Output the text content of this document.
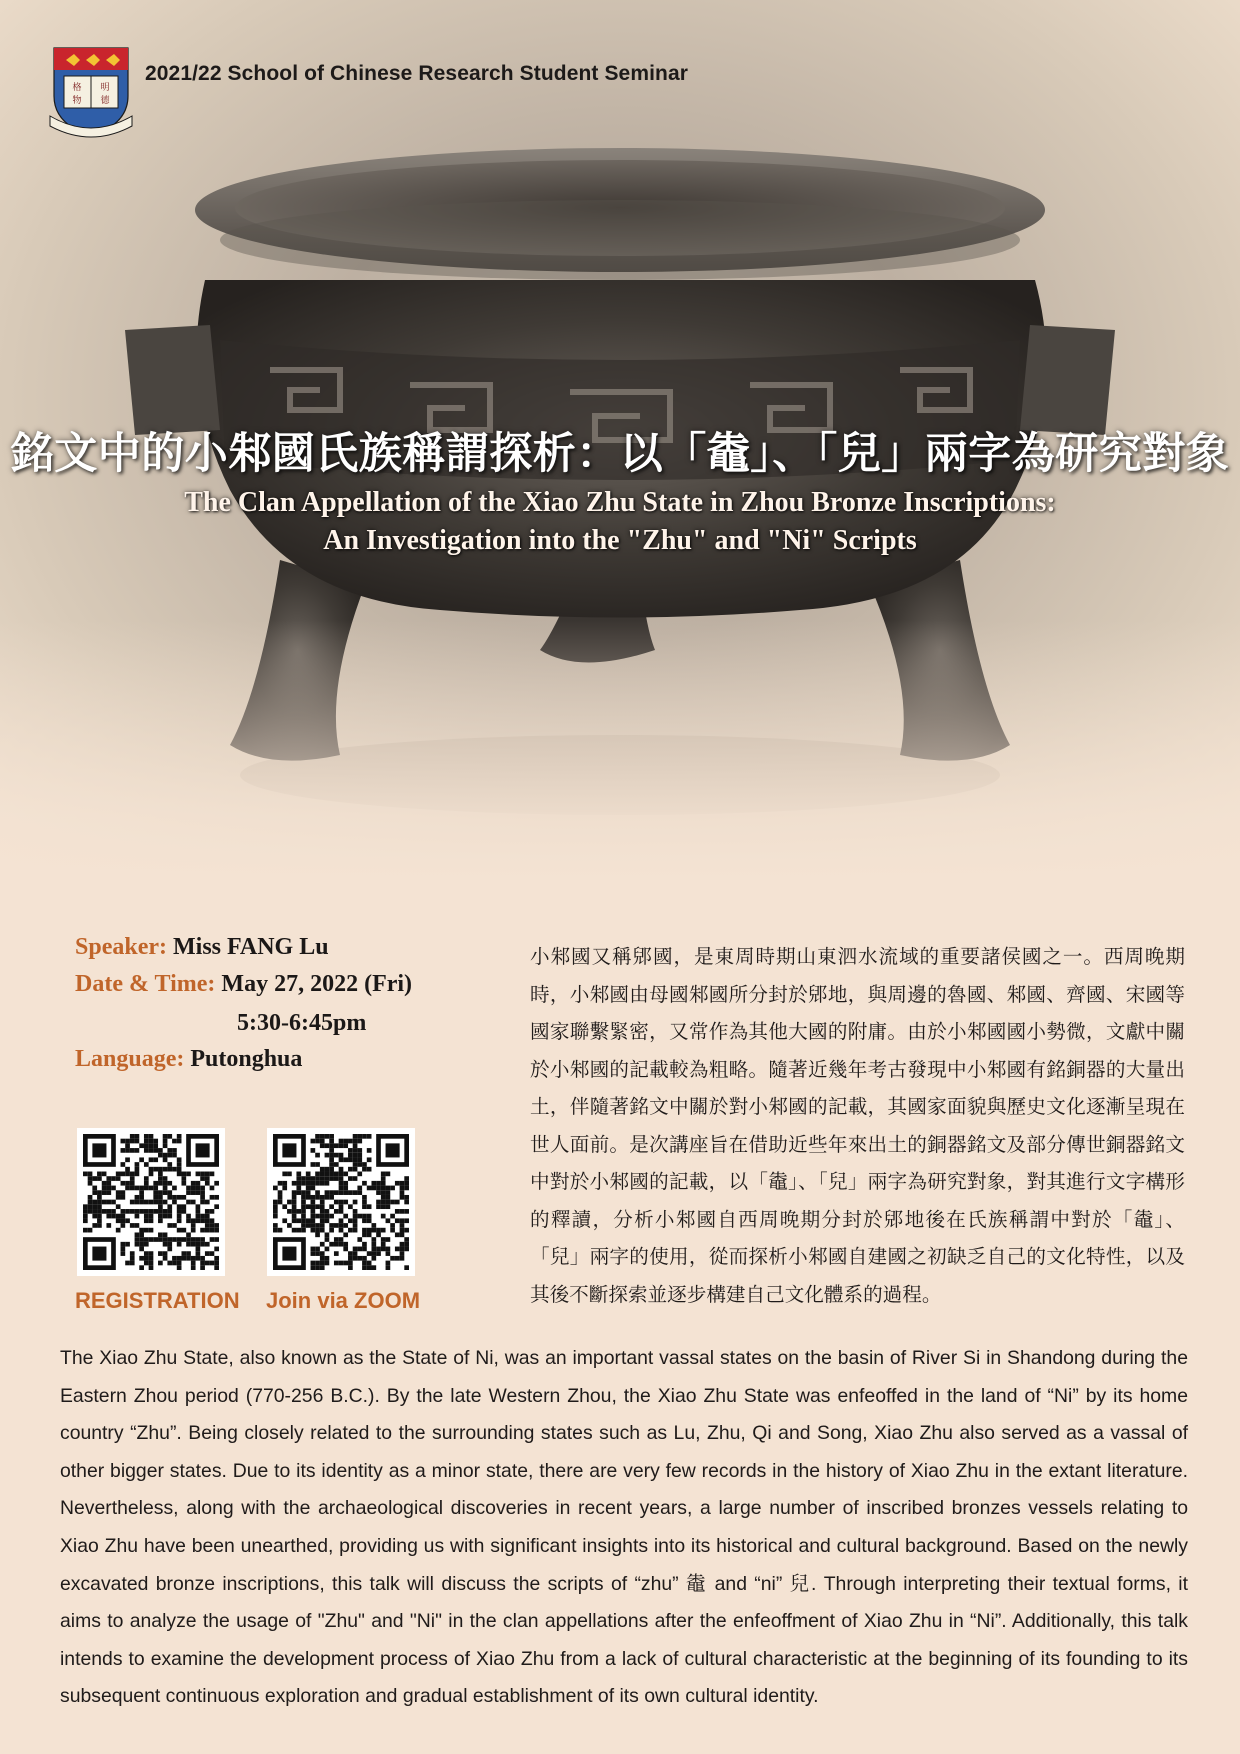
格 明
物 德
2021/22 School of Chinese Research Student Seminar
銘文中的小邾國氏族稱謂探析：以「鼄」、「兒」兩字為研究對象
The Clan Appellation of the Xiao Zhu State in Zhou Bronze Inscriptions:
An Investigation into the "Zhu" and "Ni" Scripts
Speaker: Miss FANG Lu
Date & Time: May 27, 2022 (Fri)
5:30-6:45pm
Language: Putonghua
REGISTRATION Join via ZOOM
小邾國又稱郳國，是東周時期山東泗水流域的重要諸侯國之一。西周晚期時，小邾國由母國邾國所分封於郳地，與周邊的魯國、邾國、齊國、宋國等國家聯繫緊密，又常作為其他大國的附庸。由於小邾國國小勢微，文獻中關於小邾國的記載較為粗略。隨著近幾年考古發現中小邾國有銘銅器的大量出土，伴隨著銘文中關於對小邾國的記載，其國家面貌與歷史文化逐漸呈現在世人面前。是次講座旨在借助近些年來出土的銅器銘文及部分傳世銅器銘文中對於小邾國的記載，以「鼄」、「兒」兩字為研究對象，對其進行文字構形的釋讀，分析小邾國自西周晚期分封於郳地後在氏族稱謂中對於「鼄」、「兒」兩字的使用，從而探析小邾國自建國之初缺乏自己的文化特性，以及其後不斷探索並逐步構建自己文化體系的過程。
The Xiao Zhu State, also known as the State of Ni, was an important vassal states on the basin of River Si in Shandong during the Eastern Zhou period (770-256 B.C.). By the late Western Zhou, the Xiao Zhu State was enfeoffed in the land of “Ni” by its home country “Zhu”. Being closely related to the surrounding states such as Lu, Zhu, Qi and Song, Xiao Zhu also served as a vassal of other bigger states. Due to its identity as a minor state, there are very few records in the history of Xiao Zhu in the extant literature. Nevertheless, along with the archaeological discoveries in recent years, a large number of inscribed bronzes vessels relating to Xiao Zhu have been unearthed, providing us with significant insights into its historical and cultural background. Based on the newly excavated bronze inscriptions, this talk will discuss the scripts of “zhu” 鼄 and “ni” 兒. Through interpreting their textual forms, it aims to analyze the usage of "Zhu" and "Ni" in the clan appellations after the enfeoffment of Xiao Zhu in “Ni”. Additionally, this talk intends to examine the development process of Xiao Zhu from a lack of cultural characteristic at the beginning of its founding to its subsequent continuous exploration and gradual establishment of its own cultural identity.
